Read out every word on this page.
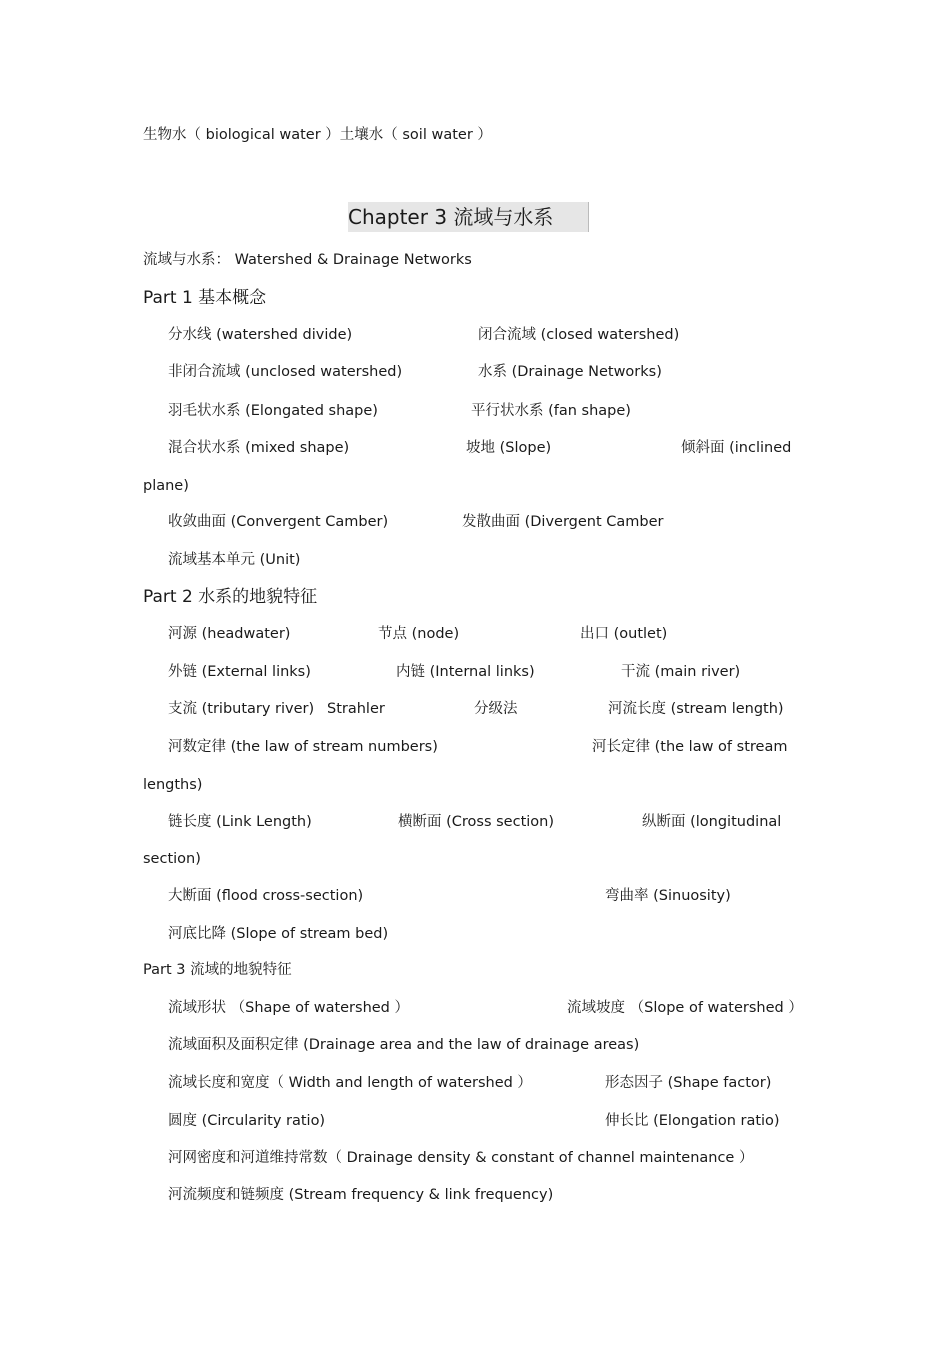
生物水（ biological water ）土壤水（ soil water ）
Chapter 3 流域与水系
流域与水系： Watershed & Drainage Networks
Part 1 基本概念
分水线 (watershed divide)	闭合流域 (closed watershed)
非闭合流域 (unclosed watershed)	水系 (Drainage Networks)
羽毛状水系 (Elongated shape)	平行状水系 (fan shape)
混合状水系 (mixed shape)	坡地 (Slope)	倾斜面 (inclined
plane)
收敛曲面 (Convergent Camber)	发散曲面 (Divergent Camber
流域基本单元 (Unit)
Part 2 水系的地貌特征
河源 (headwater)	节点 (node)	出口 (outlet)
外链 (External links)	内链 (Internal links)	干流 (main river)
支流 (tributary river) Strahler	分级法	河流长度 (stream length)
河数定律 (the law of stream numbers)	河长定律 (the law of stream
lengths)
链长度 (Link Length)	横断面 (Cross section)	纵断面 (longitudinal
section)
大断面 (flood cross-section)	弯曲率 (Sinuosity)
河底比降 (Slope of stream bed)
Part 3 流域的地貌特征
流域形状 （Shape of watershed ）	流域坡度 （Slope of watershed ）
流域面积及面积定律 (Drainage area and the law of drainage areas)
流域长度和宽度（ Width and length of watershed ）	形态因子 (Shape factor)
圆度 (Circularity ratio)	伸长比 (Elongation ratio)
河网密度和河道维持常数（ Drainage density & constant of channel maintenance ）
河流频度和链频度 (Stream frequency & link frequency)
